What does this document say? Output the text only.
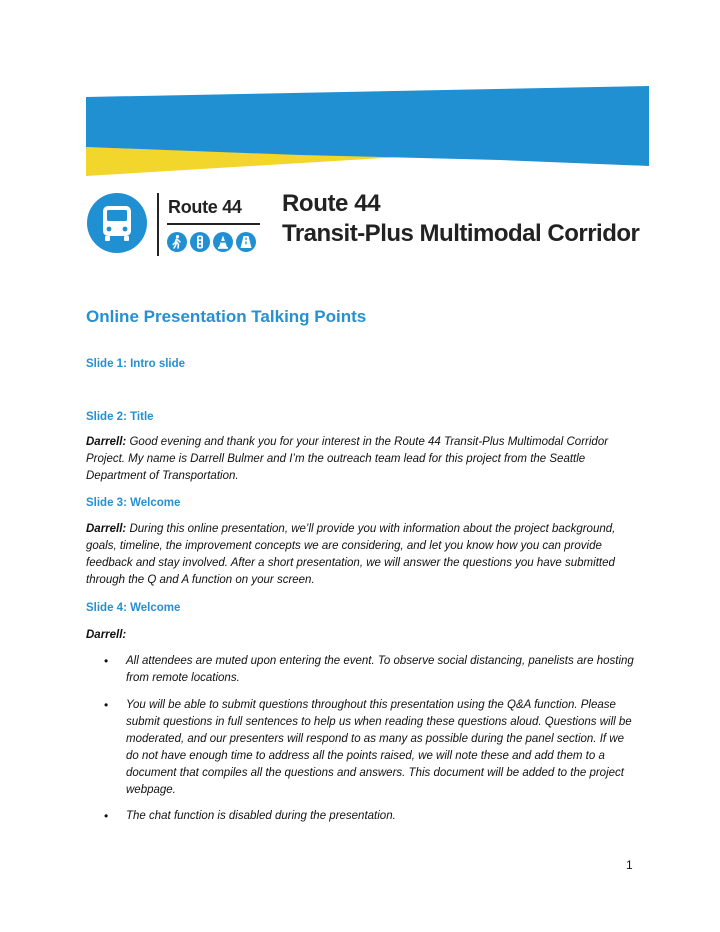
Route 44 Route 44
Transit-Plus Multimodal Corridor
Online Presentation Talking Points
Slide 1: Intro slide
Slide 2: Title
Darrell: Good evening and thank you for your interest in the Route 44 Transit-Plus Multimodal Corridor Project. My name is Darrell Bulmer and I’m the outreach team lead for this project from the Seattle Department of Transportation.
Slide 3: Welcome
Darrell: During this online presentation, we’ll provide you with information about the project background, goals, timeline, the improvement concepts we are considering, and let you know how you can provide feedback and stay involved. After a short presentation, we will answer the questions you have submitted through the Q and A function on your screen.
Slide 4: Welcome
Darrell:
• All attendees are muted upon entering the event. To observe social distancing, panelists are hosting from remote locations.
• You will be able to submit questions throughout this presentation using the Q&A function. Please submit questions in full sentences to help us when reading these questions aloud. Questions will be moderated, and our presenters will respond to as many as possible during the panel section. If we do not have enough time to address all the points raised, we will note these and add them to a document that compiles all the questions and answers. This document will be added to the project webpage.
• The chat function is disabled during the presentation.
1
